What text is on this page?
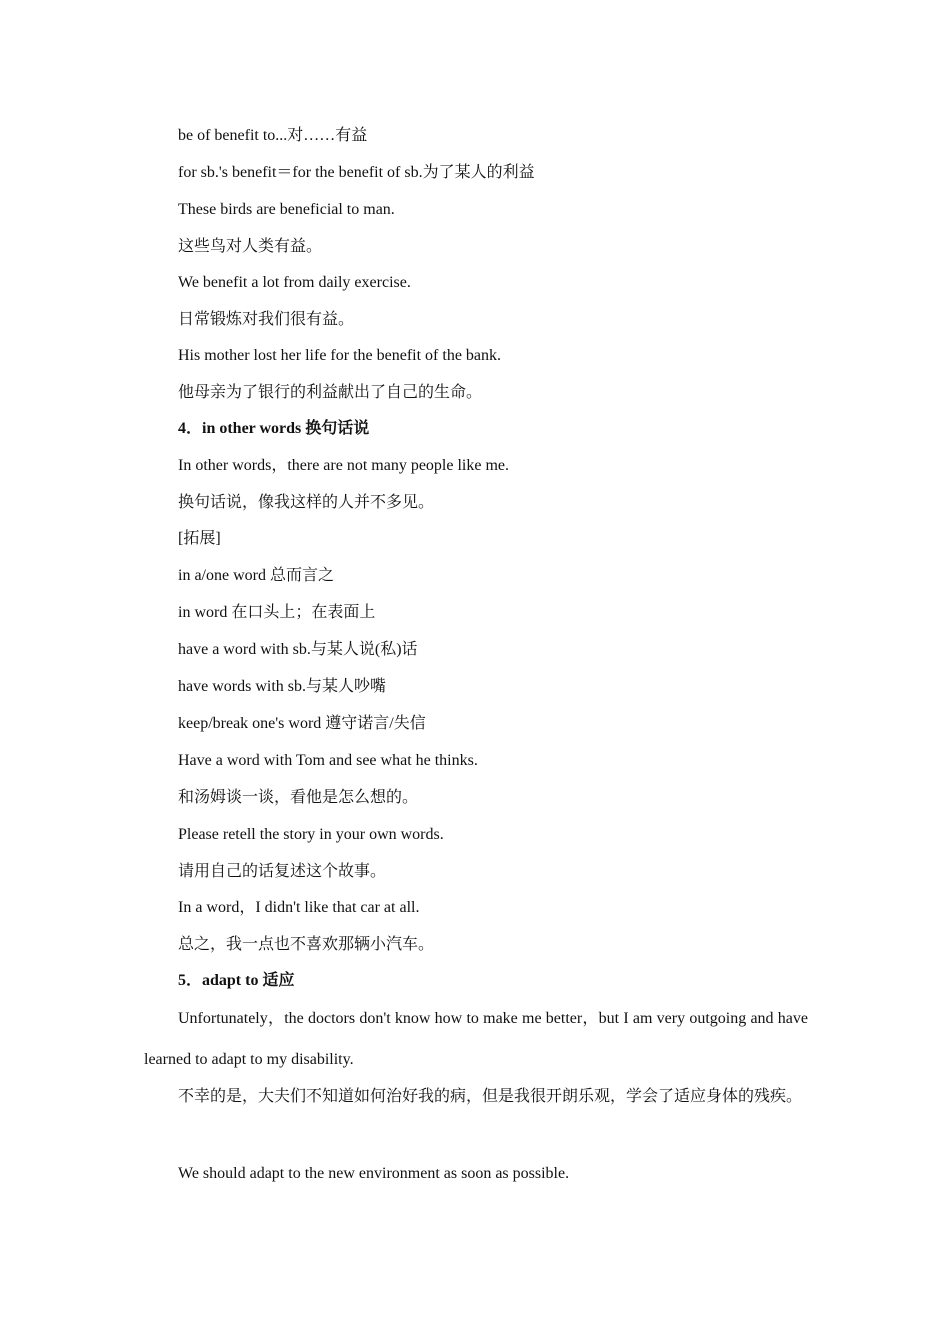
be of benefit to...对……有益
for sb.'s benefit＝for the benefit of sb.为了某人的利益
These birds are beneficial to man.
这些鸟对人类有益。
We benefit a lot from daily exercise.
日常锻炼对我们很有益。
His mother lost her life for the benefit of the bank.
他母亲为了银行的利益献出了自己的生命。
4．in other words 换句话说
In other words，there are not many people like me.
换句话说，像我这样的人并不多见。
[拓展]
in a/one word 总而言之
in word 在口头上；在表面上
have a word with sb.与某人说(私)话
have words with sb.与某人吵嘴
keep/break one's word 遵守诺言/失信
Have a word with Tom and see what he thinks.
和汤姆谈一谈，看他是怎么想的。
Please retell the story in your own words.
请用自己的话复述这个故事。
In a word，I didn't like that car at all.
总之，我一点也不喜欢那辆小汽车。
5．adapt to 适应
Unfortunately，the doctors don't know how to make me better，but I am very outgoing and have learned to adapt to my disability.
不幸的是，大夫们不知道如何治好我的病，但是我很开朗乐观，学会了适应身体的残疾。
We should adapt to the new environment as soon as possible.
